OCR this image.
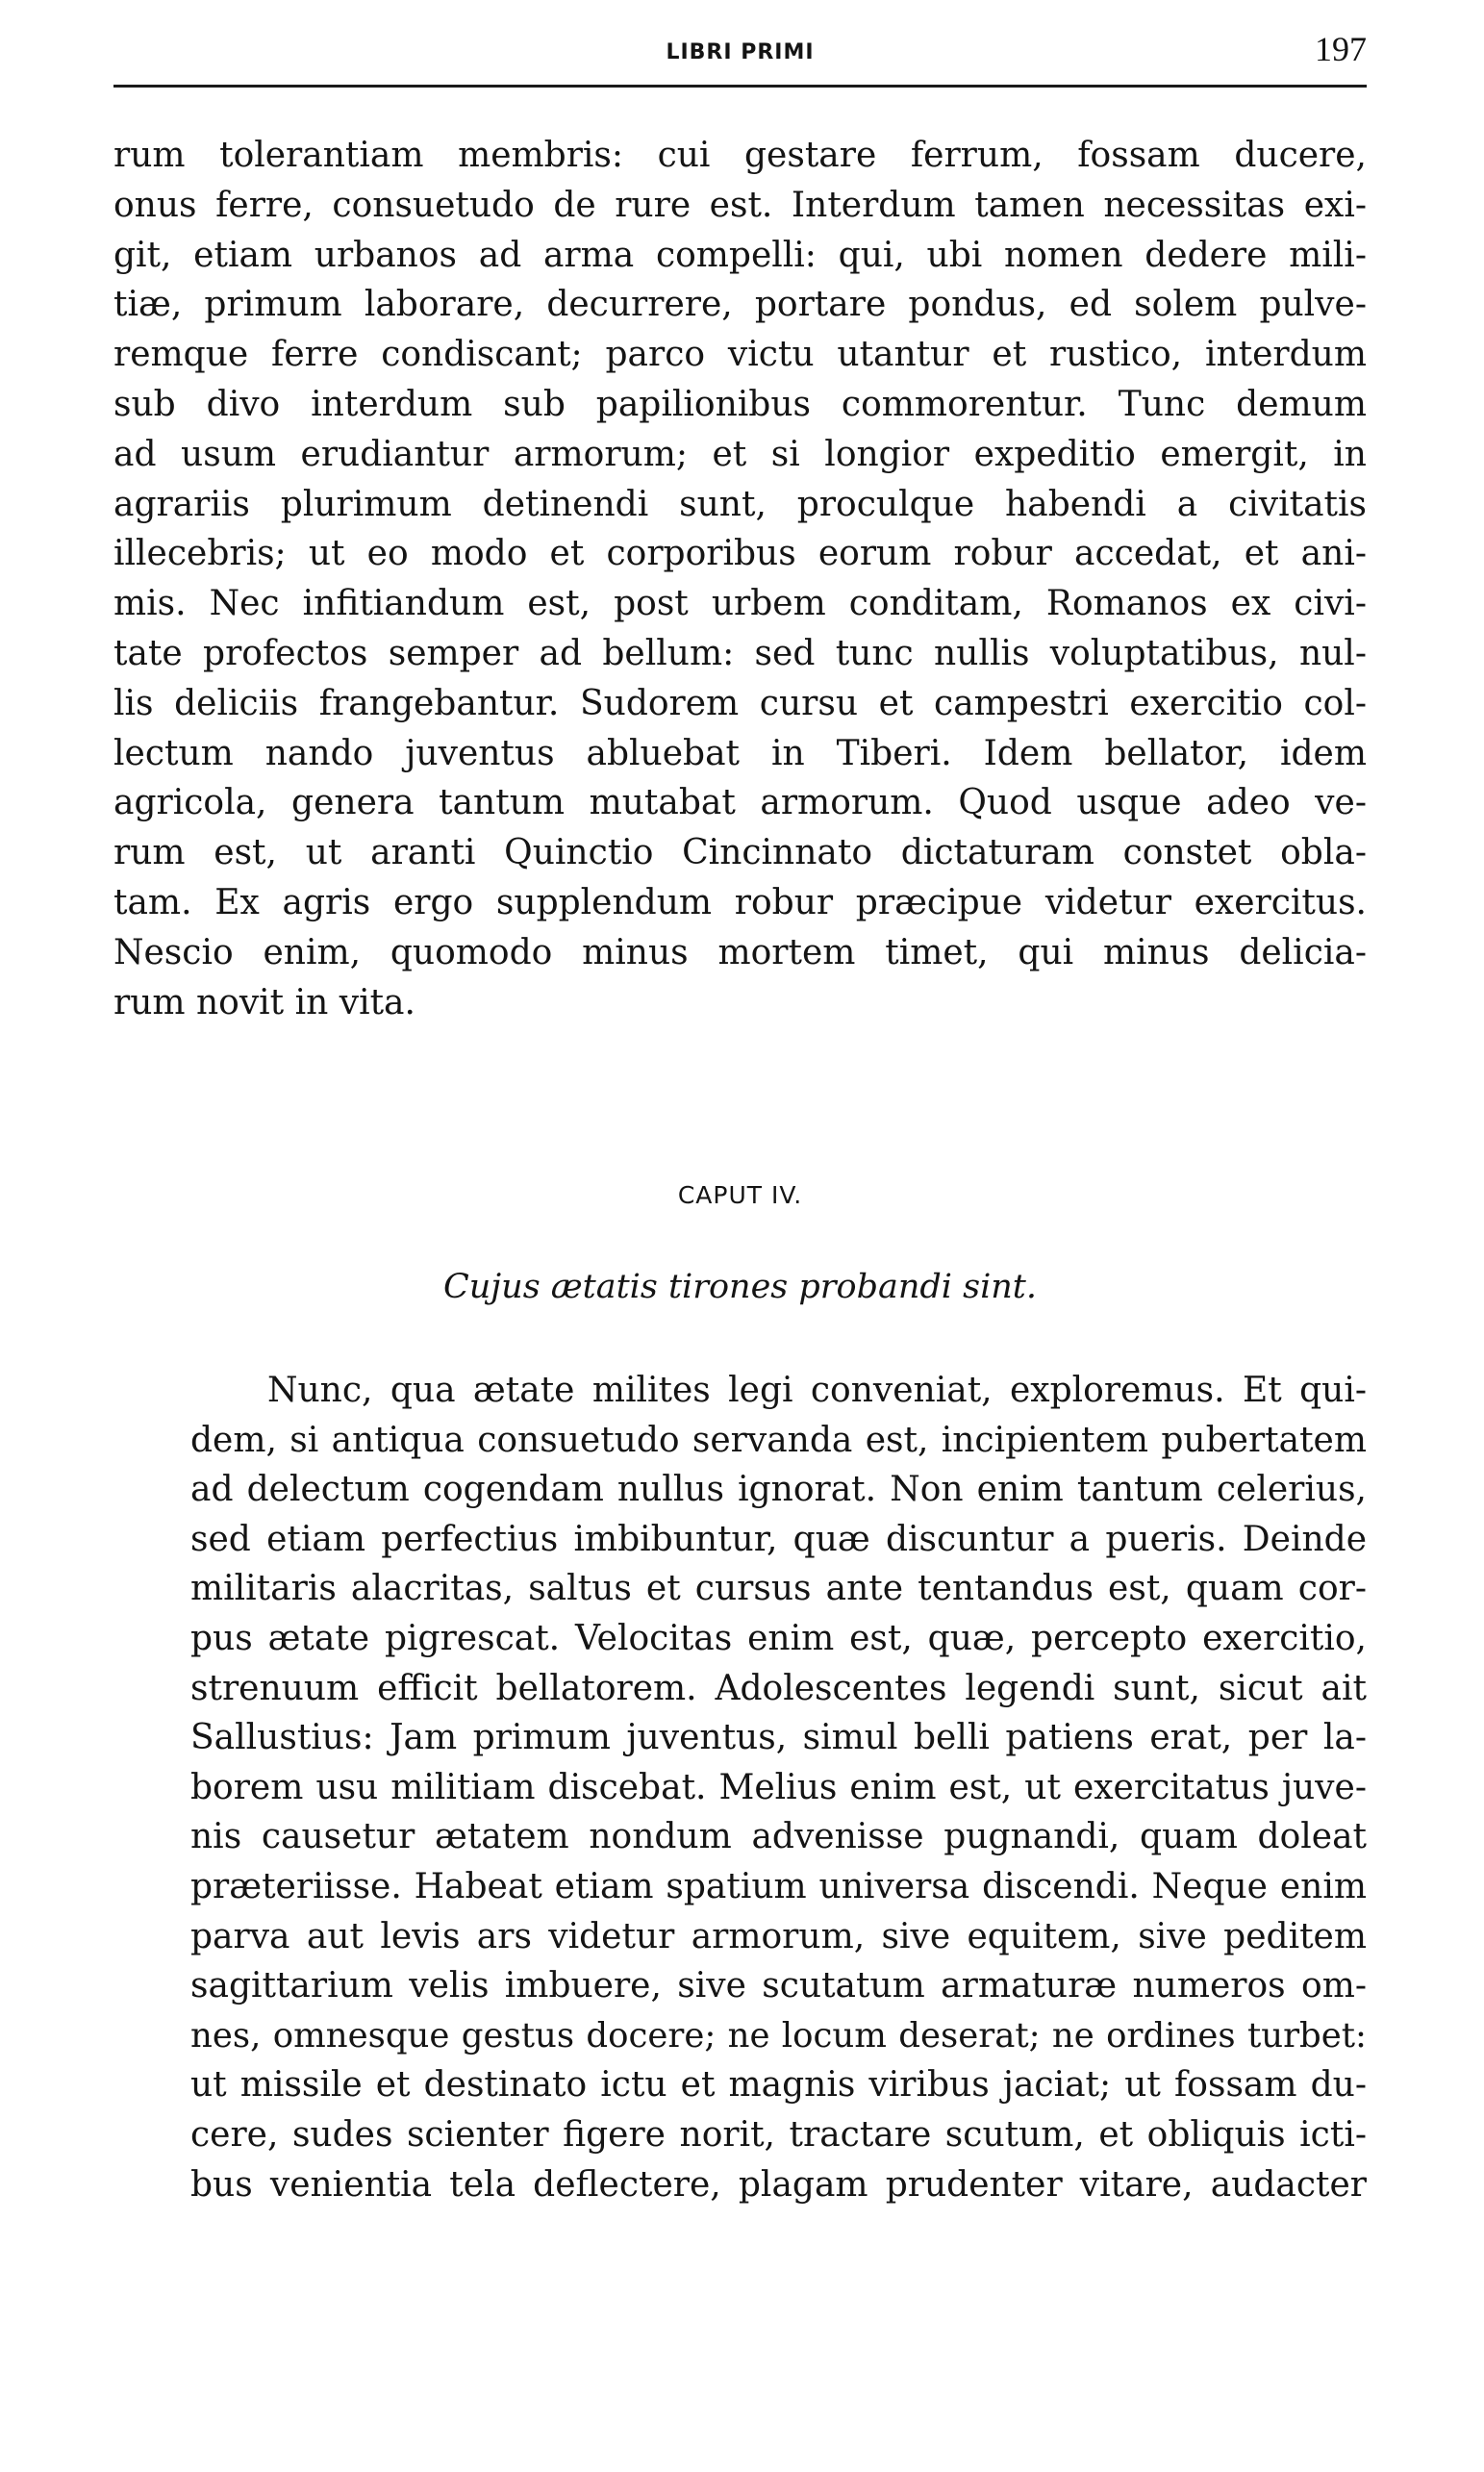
LIBRI PRIMI	197
rum tolerantiam membris: cui gestare ferrum, fossam ducere,
onus ferre, consuetudo de rure est. Interdum tamen necessitas exi-
git, etiam urbanos ad arma compelli: qui, ubi nomen dedere mili-
tiæ, primum laborare, decurrere, portare pondus, ed solem pulve-
remque ferre condiscant; parco victu utantur et rustico, interdum
sub divo interdum sub papilionibus commorentur. Tunc demum
ad usum erudiantur armorum; et si longior expeditio emergit, in
agrariis plurimum detinendi sunt, proculque habendi a civitatis
illecebris; ut eo modo et corporibus eorum robur accedat, et ani-
mis. Nec infitiandum est, post urbem conditam, Romanos ex civi-
tate profectos semper ad bellum: sed tunc nullis voluptatibus, nul-
lis deliciis frangebantur. Sudorem cursu et campestri exercitio col-
lectum nando juventus abluebat in Tiberi. Idem bellator, idem
agricola, genera tantum mutabat armorum. Quod usque adeo ve-
rum est, ut aranti Quinctio Cincinnato dictaturam constet obla-
tam. Ex agris ergo supplendum robur præcipue videtur exercitus.
Nescio enim, quomodo minus mortem timet, qui minus delicia-
rum novit in vita.
CAPUT IV.
Cujus ætatis tirones probandi sint.
Nunc, qua ætate milites legi conveniat, exploremus. Et qui-
dem, si antiqua consuetudo servanda est, incipientem pubertatem
ad delectum cogendam nullus ignorat. Non enim tantum celerius,
sed etiam perfectius imbibuntur, quæ discuntur a pueris. Deinde
militaris alacritas, saltus et cursus ante tentandus est, quam cor-
pus ætate pigrescat. Velocitas enim est, quæ, percepto exercitio,
strenuum efficit bellatorem. Adolescentes legendi sunt, sicut ait
Sallustius: Jam primum juventus, simul belli patiens erat, per la-
borem usu militiam discebat. Melius enim est, ut exercitatus juve-
nis causetur ætatem nondum advenisse pugnandi, quam doleat
præteriisse. Habeat etiam spatium universa discendi. Neque enim
parva aut levis ars videtur armorum, sive equitem, sive peditem
sagittarium velis imbuere, sive scutatum armaturæ numeros om-
nes, omnesque gestus docere; ne locum deserat; ne ordines turbet:
ut missile et destinato ictu et magnis viribus jaciat; ut fossam du-
cere, sudes scienter figere norit, tractare scutum, et obliquis icti-
bus venientia tela deflectere, plagam prudenter vitare, audacter
